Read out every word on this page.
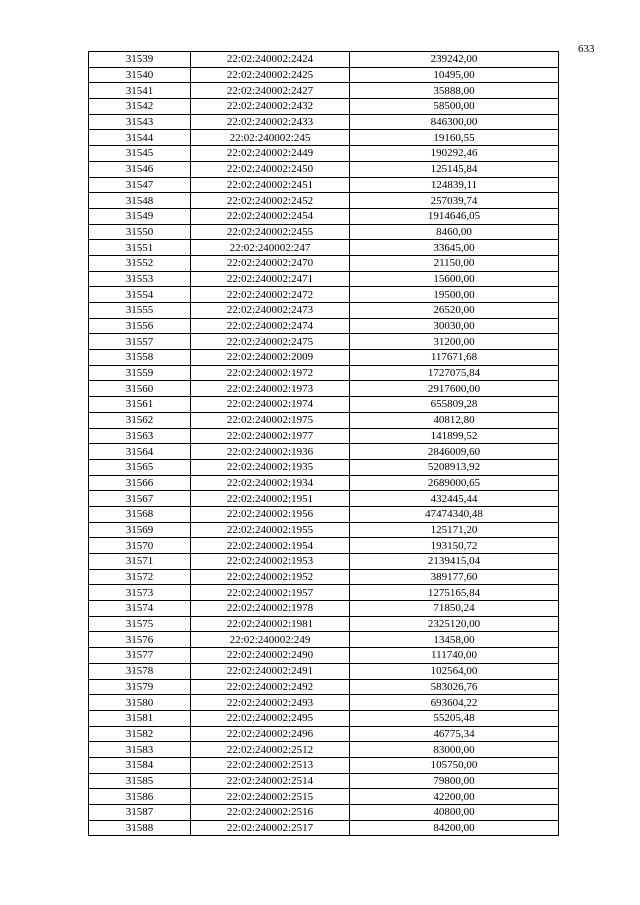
633
31539	22:02:240002:2424	239242,00
31540	22:02:240002:2425	10495,00
31541	22:02:240002:2427	35888,00
31542	22:02:240002:2432	58500,00
31543	22:02:240002:2433	846300,00
31544	22:02:240002:245	19160,55
31545	22:02:240002:2449	190292,46
31546	22:02:240002:2450	125145,84
31547	22:02:240002:2451	124839,11
31548	22:02:240002:2452	257039,74
31549	22:02:240002:2454	1914646,05
31550	22:02:240002:2455	8460,00
31551	22:02:240002:247	33645,00
31552	22:02:240002:2470	21150,00
31553	22:02:240002:2471	15600,00
31554	22:02:240002:2472	19500,00
31555	22:02:240002:2473	26520,00
31556	22:02:240002:2474	30030,00
31557	22:02:240002:2475	31200,00
31558	22:02:240002:2009	117671,68
31559	22:02:240002:1972	1727075,84
31560	22:02:240002:1973	2917600,00
31561	22:02:240002:1974	655809,28
31562	22:02:240002:1975	40812,80
31563	22:02:240002:1977	141899,52
31564	22:02:240002:1936	2846009,60
31565	22:02:240002:1935	5208913,92
31566	22:02:240002:1934	2689000,65
31567	22:02:240002:1951	432445,44
31568	22:02:240002:1956	47474340,48
31569	22:02:240002:1955	125171,20
31570	22:02:240002:1954	193150,72
31571	22:02:240002:1953	2139415,04
31572	22:02:240002:1952	389177,60
31573	22:02:240002:1957	1275165,84
31574	22:02:240002:1978	71850,24
31575	22:02:240002:1981	2325120,00
31576	22:02:240002:249	13458,00
31577	22:02:240002:2490	111740,00
31578	22:02:240002:2491	102564,00
31579	22:02:240002:2492	583026,76
31580	22:02:240002:2493	693604,22
31581	22:02:240002:2495	55205,48
31582	22:02:240002:2496	46775,34
31583	22:02:240002:2512	83000,00
31584	22:02:240002:2513	105750,00
31585	22:02:240002:2514	79800,00
31586	22:02:240002:2515	42200,00
31587	22:02:240002:2516	40800,00
31588	22:02:240002:2517	84200,00
